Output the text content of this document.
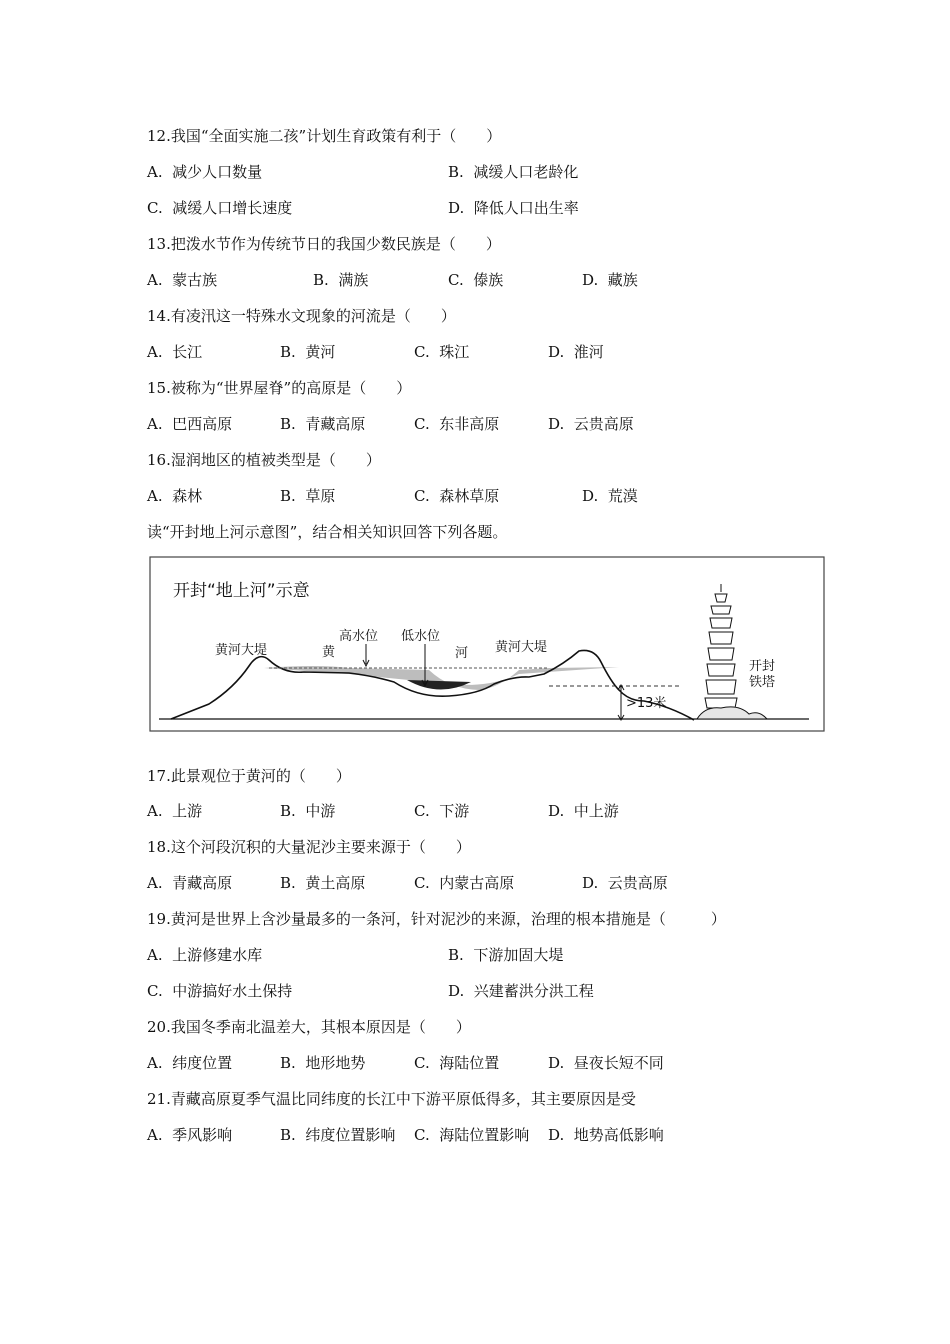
12.我国“全面实施二孩”计划生育政策有利于（　　）
A.  减少人口数量	B.  减缓人口老龄化
C.  减缓人口增长速度	D.  降低人口出生率
13.把泼水节作为传统节日的我国少数民族是（　　）
A.  蒙古族	B.  满族	C.  傣族	D.  藏族
14.有凌汛这一特殊水文现象的河流是（　　）
A.  长江	B.  黄河	C.  珠江	D.  淮河
15.被称为“世界屋脊”的高原是（　　）
A.  巴西高原	B.  青藏高原	C.  东非高原	D.  云贵高原
16.湿润地区的植被类型是（　　）
A.  森林	B.  草原	C.  森林草原	D.  荒漠
读“开封地上河示意图”，结合相关知识回答下列各题。
开封“地上河”示意
黄河大堤	黄河大堤
高水位 低水位
黄	河
>13米
开封
铁塔
17.此景观位于黄河的（　　）
A.  上游	B.  中游	C.  下游	D.  中上游
18.这个河段沉积的大量泥沙主要来源于（　　）
A.  青藏高原	B.  黄土高原	C.  内蒙古高原	D.  云贵高原
19.黄河是世界上含沙量最多的一条河，针对泥沙的来源，治理的根本措施是（　　　）
A.  上游修建水库	B.  下游加固大堤
C.  中游搞好水土保持	D.  兴建蓄洪分洪工程
20.我国冬季南北温差大，其根本原因是（　　）
A.  纬度位置	B.  地形地势	C.  海陆位置	D.  昼夜长短不同
21.青藏高原夏季气温比同纬度的长江中下游平原低得多，其主要原因是受
A.  季风影响	B.  纬度位置影响 C.  海陆位置影响 D.  地势高低影响
